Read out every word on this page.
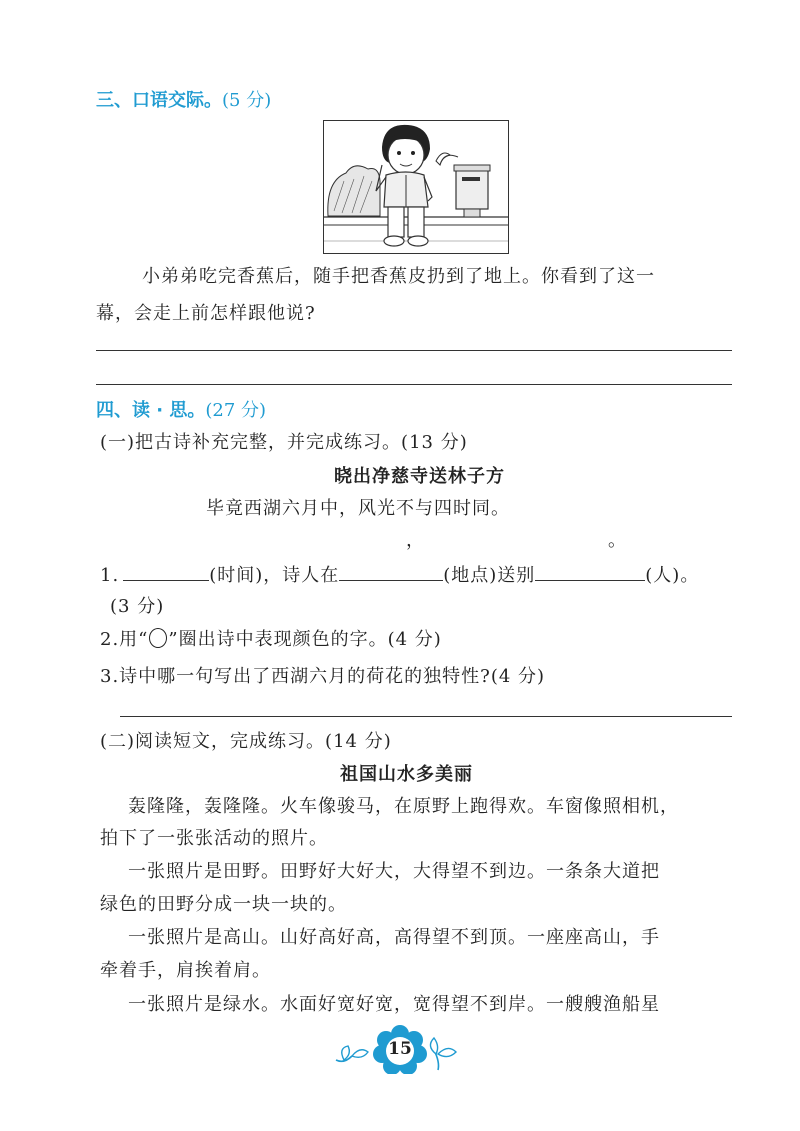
三、口语交际。(5 分)
小弟弟吃完香蕉后，随手把香蕉皮扔到了地上。你看到了这一
幕，会走上前怎样跟他说?
四、读 · 思。(27 分)
(一)把古诗补充完整，并完成练习。(13 分)
晓出净慈寺送林子方
毕竟西湖六月中，风光不与四时同。
，	。
1.	(时间)，诗人在	(地点)送别	(人)。
(3 分)
2.用“ ”圈出诗中表现颜色的字。(4 分)
3.诗中哪一句写出了西湖六月的荷花的独特性?(4 分)
(二)阅读短文，完成练习。(14 分)
祖国山水多美丽
轰隆隆，轰隆隆。火车像骏马，在原野上跑得欢。车窗像照相机，
拍下了一张张活动的照片。
一张照片是田野。田野好大好大，大得望不到边。一条条大道把
绿色的田野分成一块一块的。
一张照片是高山。山好高好高，高得望不到顶。一座座高山，手
牵着手，肩挨着肩。
一张照片是绿水。水面好宽好宽，宽得望不到岸。一艘艘渔船星
15
